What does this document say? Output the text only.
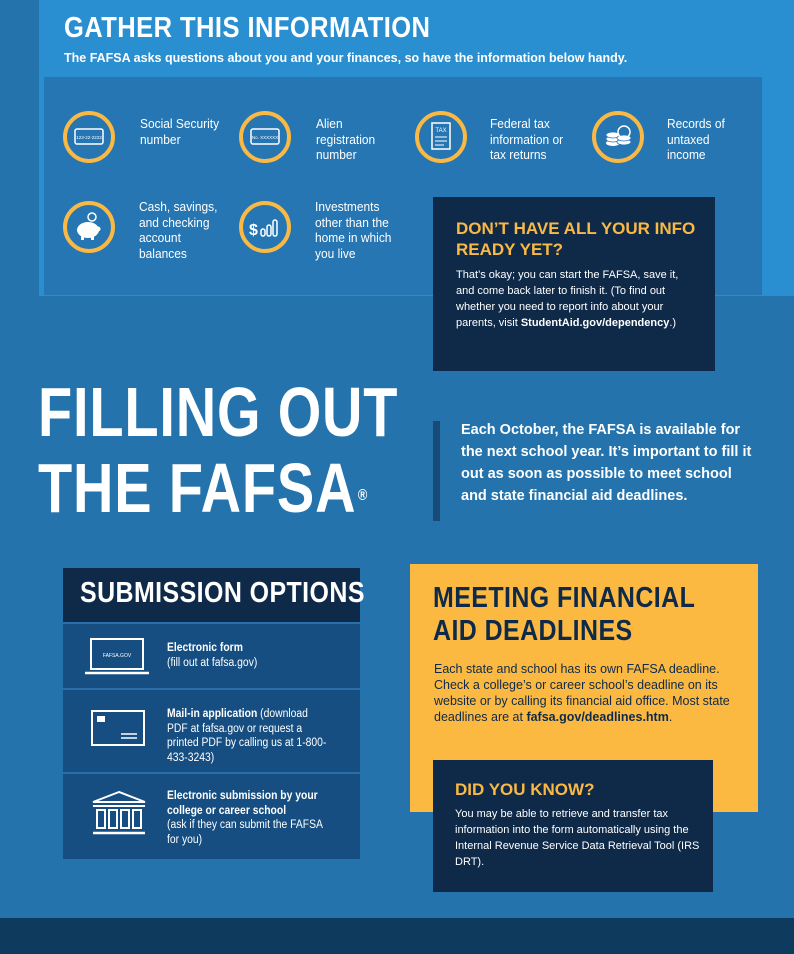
GATHER THIS INFORMATION
The FAFSA asks questions about you and your finances, so have the information below handy.
123-22-2222
Social Security number	No. XXXXXX
Alien registration number
TAX	Federal tax information or tax returns
Records of untaxed income
Cash, savings, and checking account balances
$
Investments other than the home in which you live
DON’T HAVE ALL YOUR INFO READY YET?
That’s okay; you can start the FAFSA, save it, and come back later to finish it. (To find out whether you need to report info about your parents, visit StudentAid.gov/dependency.)
FILLING OUT
THE FAFSA ®
Each October, the FAFSA is available for the next school year. It’s important to fill it out as soon as possible to meet school and state financial aid deadlines.
SUBMISSION OPTIONS
FAFSA.GOV
Electronic form
(fill out at fafsa.gov)
Mail-in application (download PDF at fafsa.gov or request a printed PDF by calling us at 1-800-433-3243)
Electronic submission by your college or career school
(ask if they can submit the FAFSA for you)
MEETING FINANCIAL
AID DEADLINES
Each state and school has its own FAFSA deadline. Check a college’s or career school’s deadline on its website or by calling its financial aid office. Most state deadlines are at fafsa.gov/deadlines.htm.
DID YOU KNOW?
You may be able to retrieve and transfer tax information into the form automatically using the Internal Revenue Service Data Retrieval Tool (IRS DRT).
